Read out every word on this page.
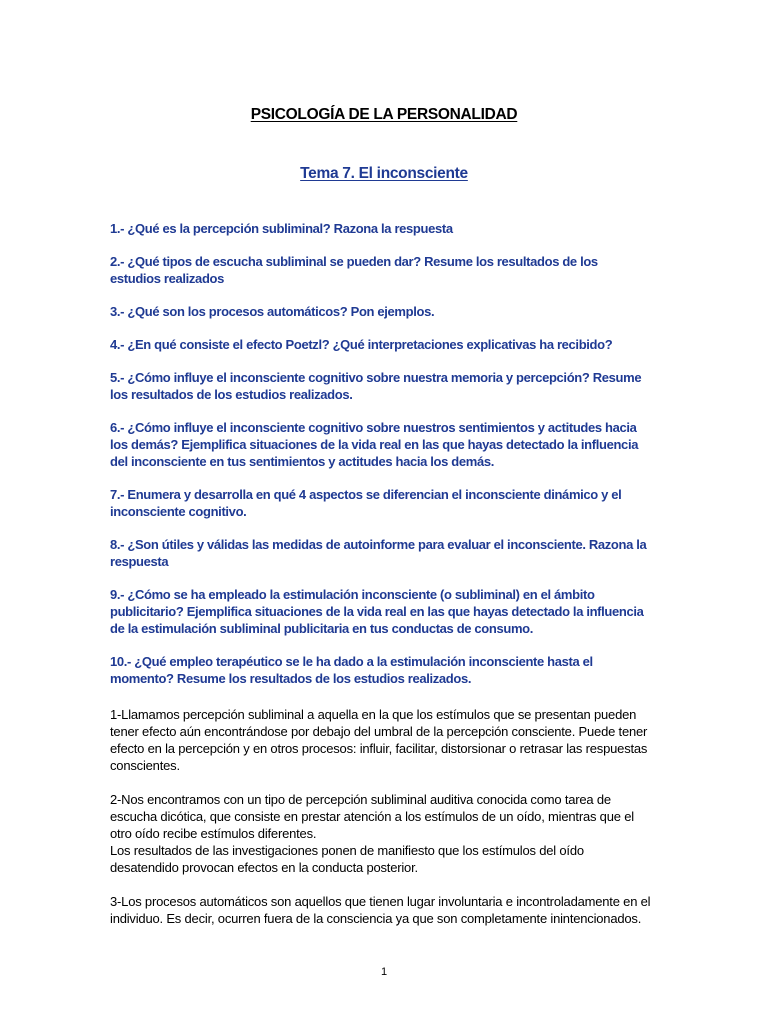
PSICOLOGÍA DE LA PERSONALIDAD
Tema 7. El inconsciente
1.- ¿Qué es la percepción subliminal? Razona la respuesta
2.- ¿Qué tipos de escucha subliminal se pueden dar? Resume los resultados de los estudios realizados
3.- ¿Qué son los procesos automáticos? Pon ejemplos.
4.- ¿En qué consiste el efecto Poetzl? ¿Qué interpretaciones explicativas ha recibido?
5.- ¿Cómo influye el inconsciente cognitivo sobre nuestra memoria y percepción? Resume los resultados de los estudios realizados.
6.- ¿Cómo influye el inconsciente cognitivo sobre nuestros sentimientos y actitudes hacia los demás? Ejemplifica situaciones de la vida real en las que hayas detectado la influencia del inconsciente en tus sentimientos y actitudes hacia los demás.
7.- Enumera y desarrolla en qué 4 aspectos se diferencian el inconsciente dinámico y el inconsciente cognitivo.
8.- ¿Son útiles y válidas las medidas de autoinforme para evaluar el inconsciente. Razona la respuesta
9.- ¿Cómo se ha empleado la estimulación inconsciente (o subliminal) en el ámbito publicitario? Ejemplifica situaciones de la vida real en las que hayas detectado la influencia de la estimulación subliminal publicitaria en tus conductas de consumo.
10.- ¿Qué empleo terapéutico se le ha dado a la estimulación inconsciente hasta el momento? Resume los resultados de los estudios realizados.

1-Llamamos percepción subliminal a aquella en la que los estímulos que se presentan pueden tener efecto aún encontrándose por debajo del umbral de la percepción consciente. Puede tener efecto en la percepción y en otros procesos: influir, facilitar, distorsionar o retrasar las respuestas conscientes.

2-Nos encontramos con un tipo de percepción subliminal auditiva conocida como tarea de escucha dicótica, que consiste en prestar atención a los estímulos de un oído, mientras que el otro oído recibe estímulos diferentes.
Los resultados de las investigaciones ponen de manifiesto que los estímulos del oído desatendido provocan efectos en la conducta posterior.

3-Los procesos automáticos son aquellos que tienen lugar involuntaria e incontroladamente en el individuo. Es decir, ocurren fuera de la consciencia ya que son completamente inintencionados.

1
